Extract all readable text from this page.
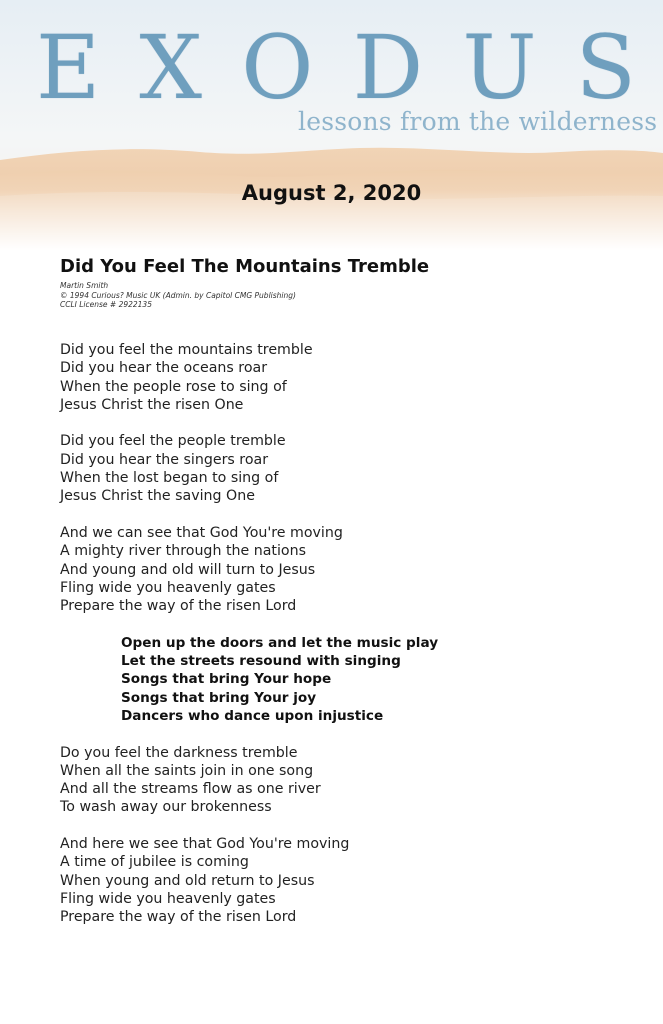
E X O D U S
lessons from the wilderness
August 2, 2020
Did You Feel The Mountains Tremble
Martin Smith
© 1994 Curious? Music UK (Admin. by Capitol CMG Publishing)
CCLI License # 2922135
Did you feel the mountains tremble
Did you hear the oceans roar
When the people rose to sing of
Jesus Christ the risen One
Did you feel the people tremble
Did you hear the singers roar
When the lost began to sing of
Jesus Christ the saving One
And we can see that God You're moving
A mighty river through the nations
And young and old will turn to Jesus
Fling wide you heavenly gates
Prepare the way of the risen Lord
Open up the doors and let the music play
Let the streets resound with singing
Songs that bring Your hope
Songs that bring Your joy
Dancers who dance upon injustice
Do you feel the darkness tremble
When all the saints join in one song
And all the streams flow as one river
To wash away our brokenness
And here we see that God You're moving
A time of jubilee is coming
When young and old return to Jesus
Fling wide you heavenly gates
Prepare the way of the risen Lord
